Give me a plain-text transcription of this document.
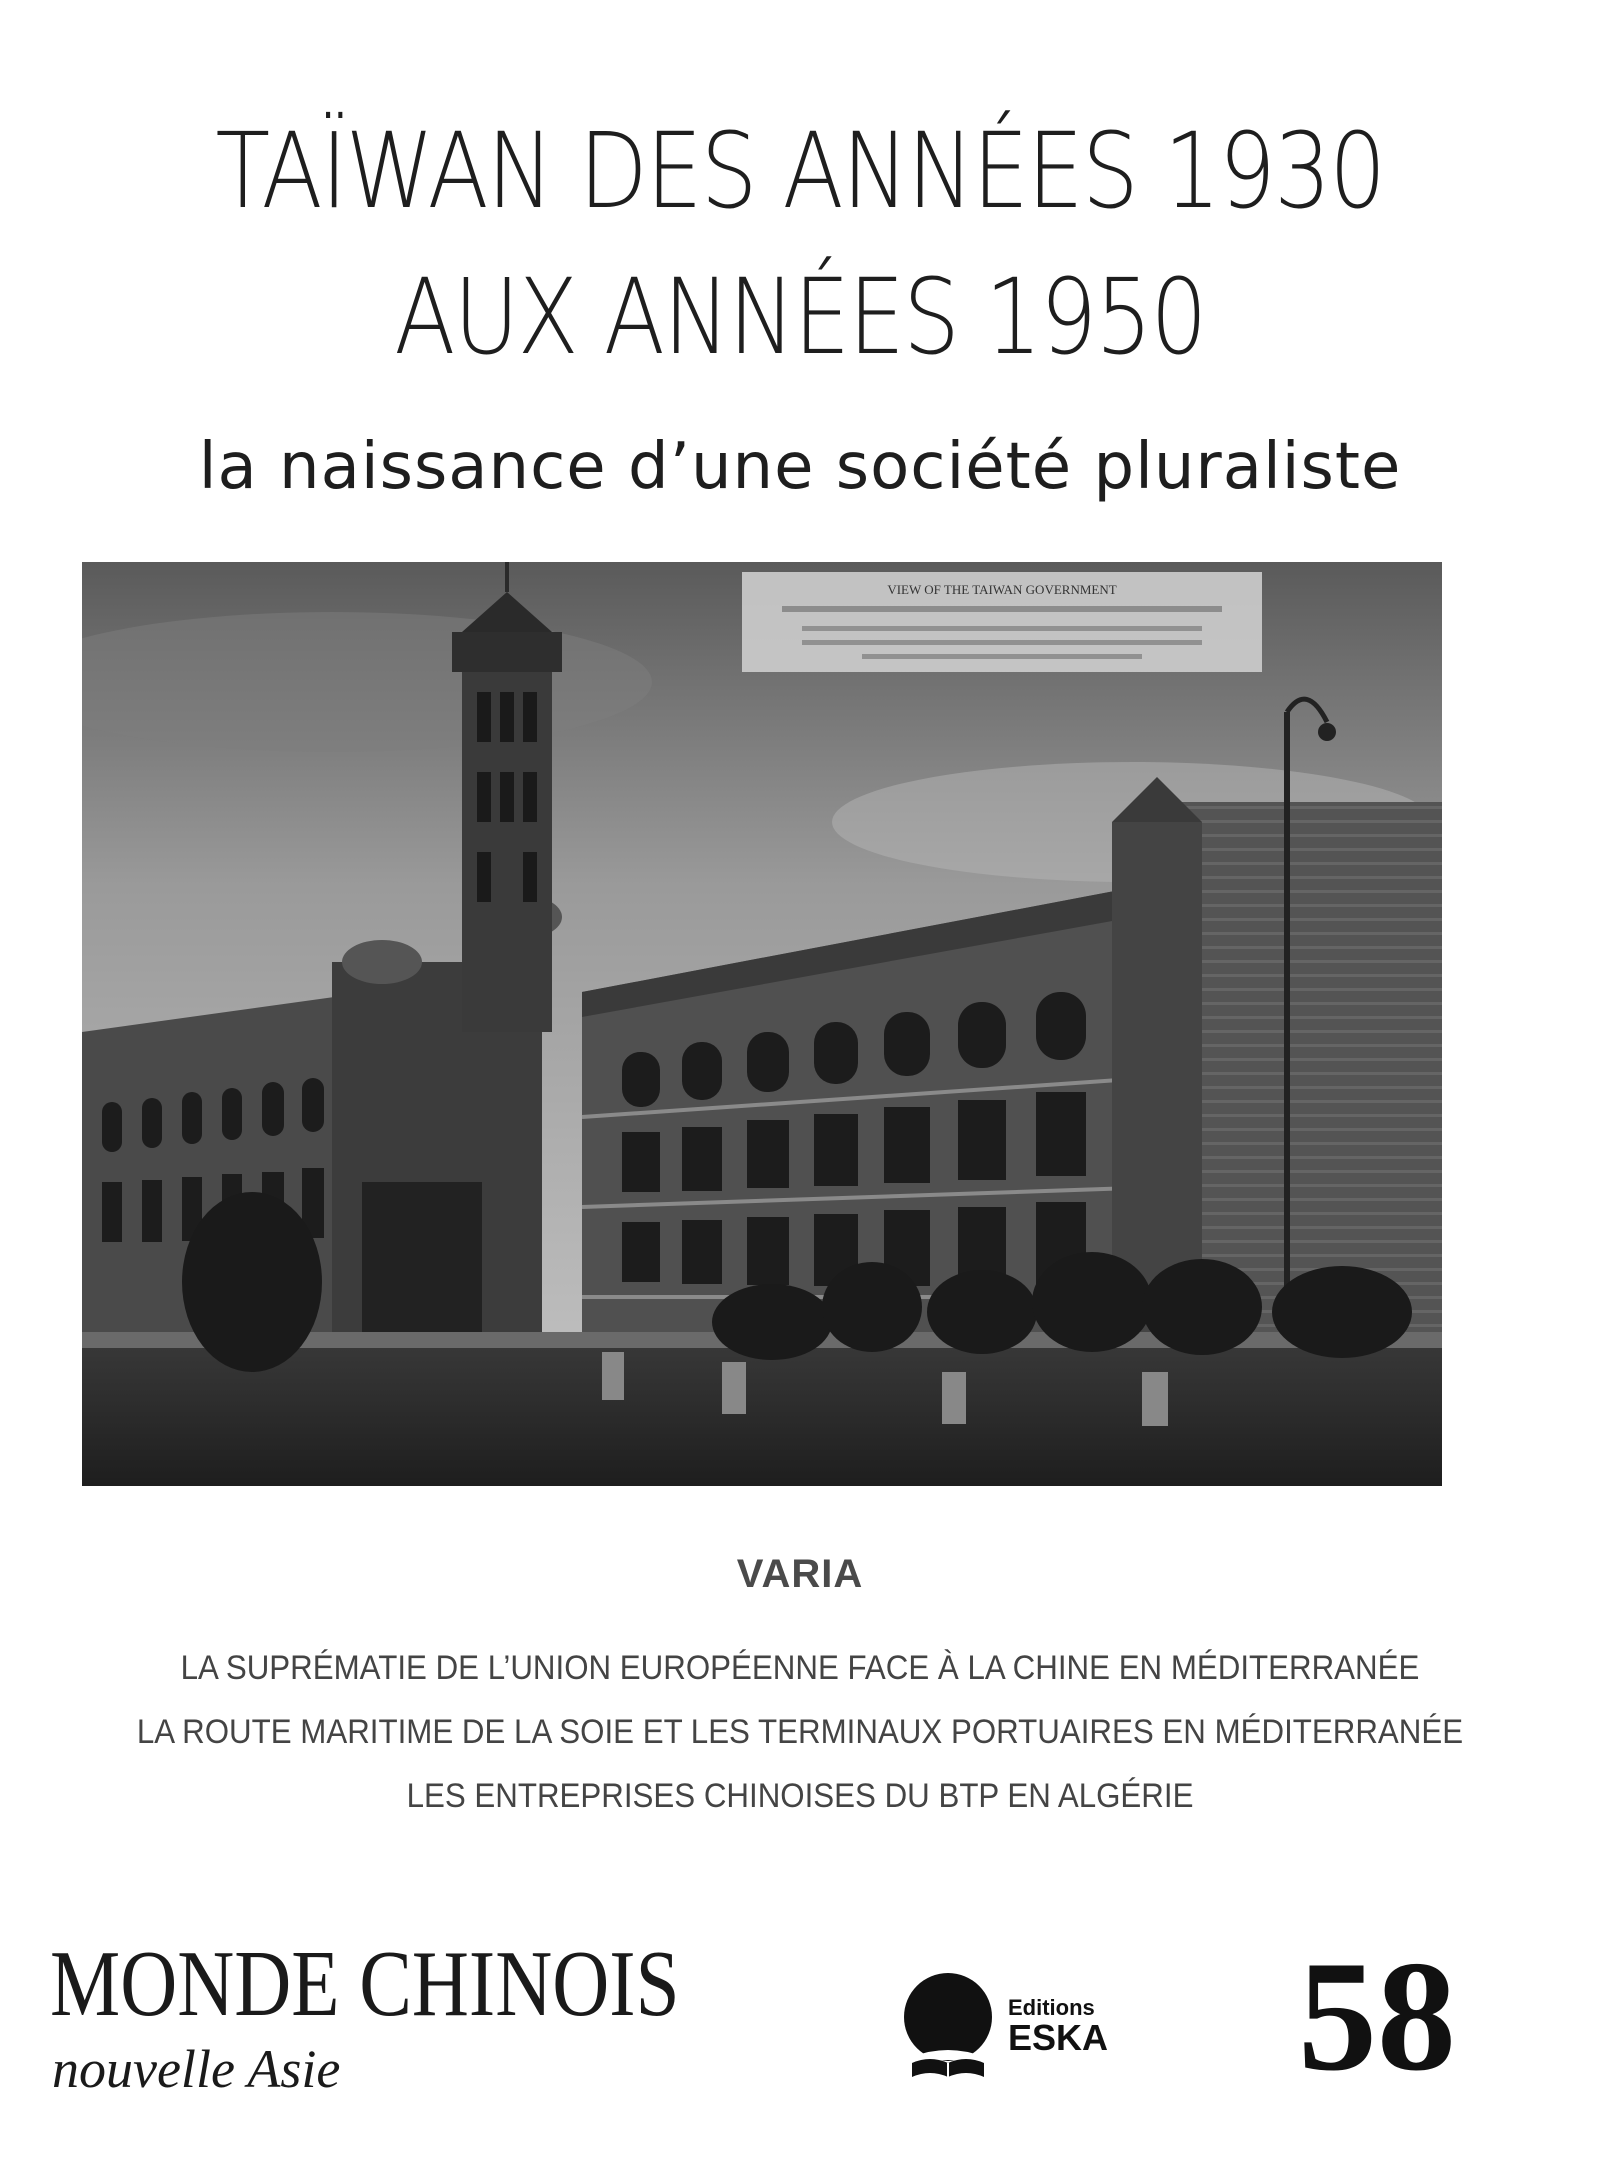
TAÏWAN DES ANNÉES 1930
AUX ANNÉES 1950
la naissance d’une société pluraliste
VIEW OF THE TAIWAN GOVERNMENT
VARIA
LA SUPRÉMATIE DE L’UNION EUROPÉENNE FACE À LA CHINE EN MÉDITERRANÉE
LA ROUTE MARITIME DE LA SOIE ET LES TERMINAUX PORTUAIRES EN MÉDITERRANÉE
LES ENTREPRISES CHINOISES DU BTP EN ALGÉRIE
MONDE CHINOIS
nouvelle Asie
Editions
ESKA 58
